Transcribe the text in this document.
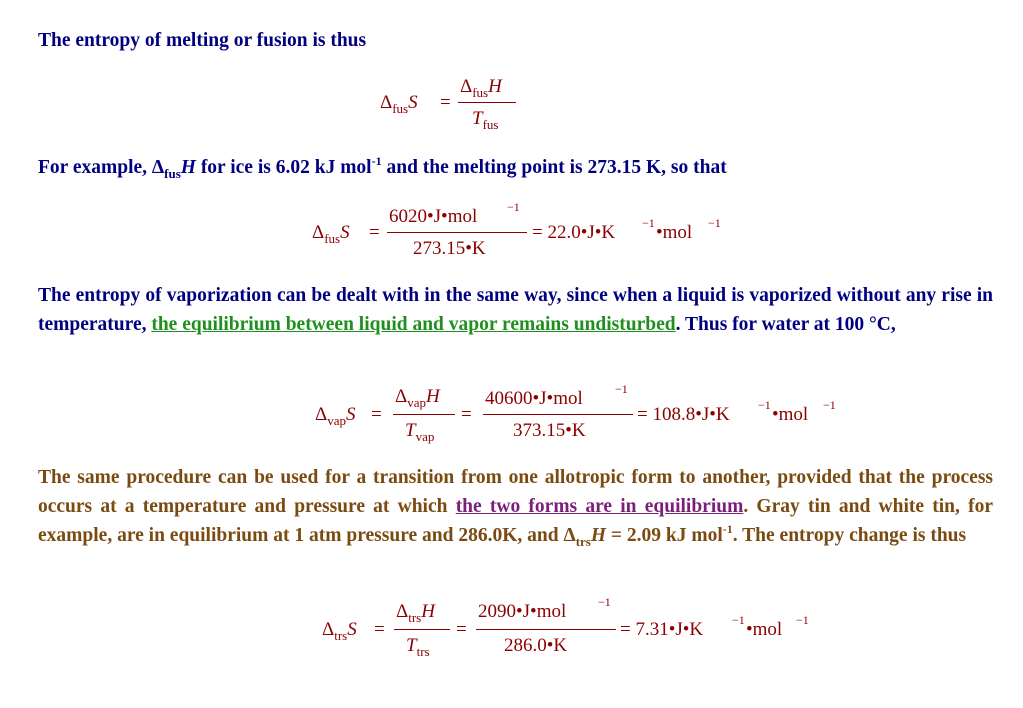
The entropy of melting or fusion is thus
$\Delta_{fus}S$ =
$\Delta_{fus}H$
$T_{fus}$
For example, $\Delta_{fus}H$ for ice is 6.02 kJ mol$^{-1}$ and the melting point is 273.15 K, so that
$\Delta_{fus}S$ =
6020•J•mol −1
273.15•K
= 22.0•J•K −1 •mol −1
The entropy of vaporization can be dealt with in the same way, since when a liquid is vaporized without any rise in temperature, the equilibrium between liquid and vapor remains undisturbed. Thus for water at 100 °C,
$\Delta_{vap}S$ =
$\Delta_{vap}H$
$T_{vap}$
=
40600•J•mol	−1
373.15•K
= 108.8•J•K −1 •mol −1
The same procedure can be used for a transition from one allotropic form to another, provided that the process occurs at a temperature and pressure at which the two forms are in equilibrium. Gray tin and white tin, for example, are in equilibrium at 1 atm pressure and 286.0K, and $\Delta_{trs}H = 2.09$ kJ mol$^{-1}$. The entropy change is thus
$\Delta_{trs}S$ =
$\Delta_{trs}H$
$T_{trs}$
=
2090•J•mol	−1
286.0•K
= 7.31•J•K −1 •mol −1
